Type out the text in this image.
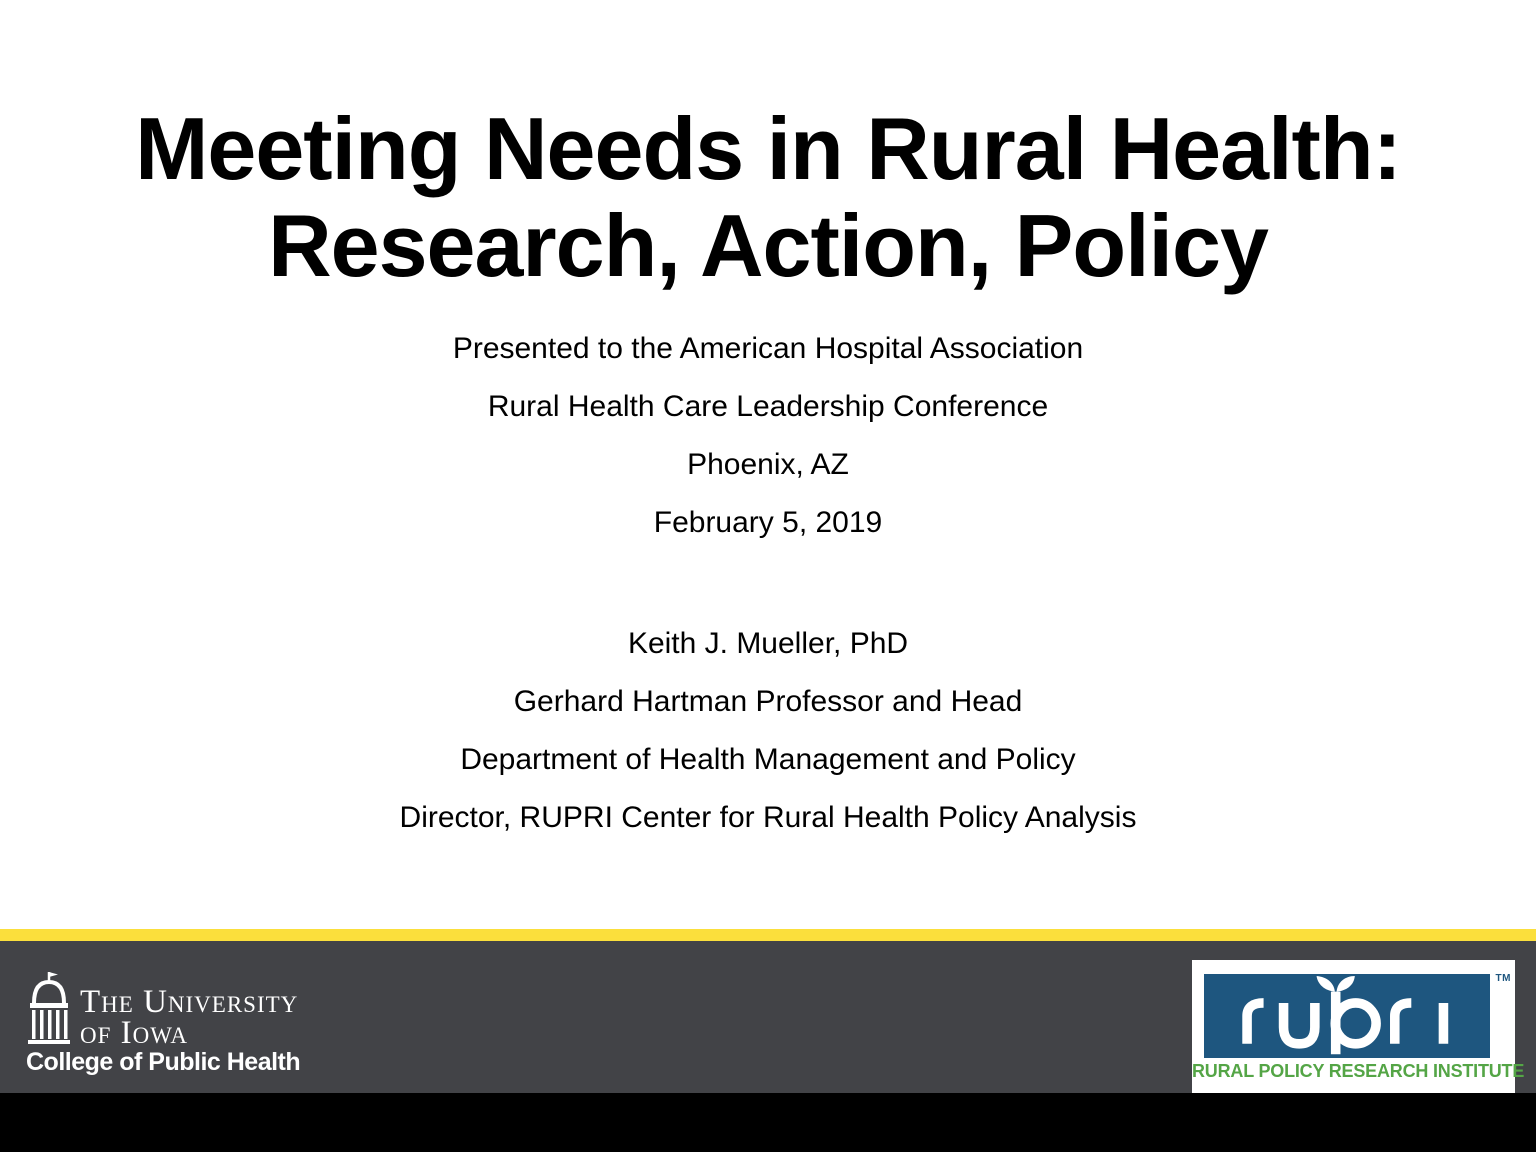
Meeting Needs in Rural Health:
Research, Action, Policy
Presented to the American Hospital Association
Rural Health Care Leadership Conference
Phoenix, AZ
February 5, 2019
Keith J. Mueller, PhD
Gerhard Hartman Professor and Head
Department of Health Management and Policy
Director, RUPRI Center for Rural Health Policy Analysis
The University
of Iowa
College of Public Health
TM
RURAL POLICY RESEARCH INSTITUTE
